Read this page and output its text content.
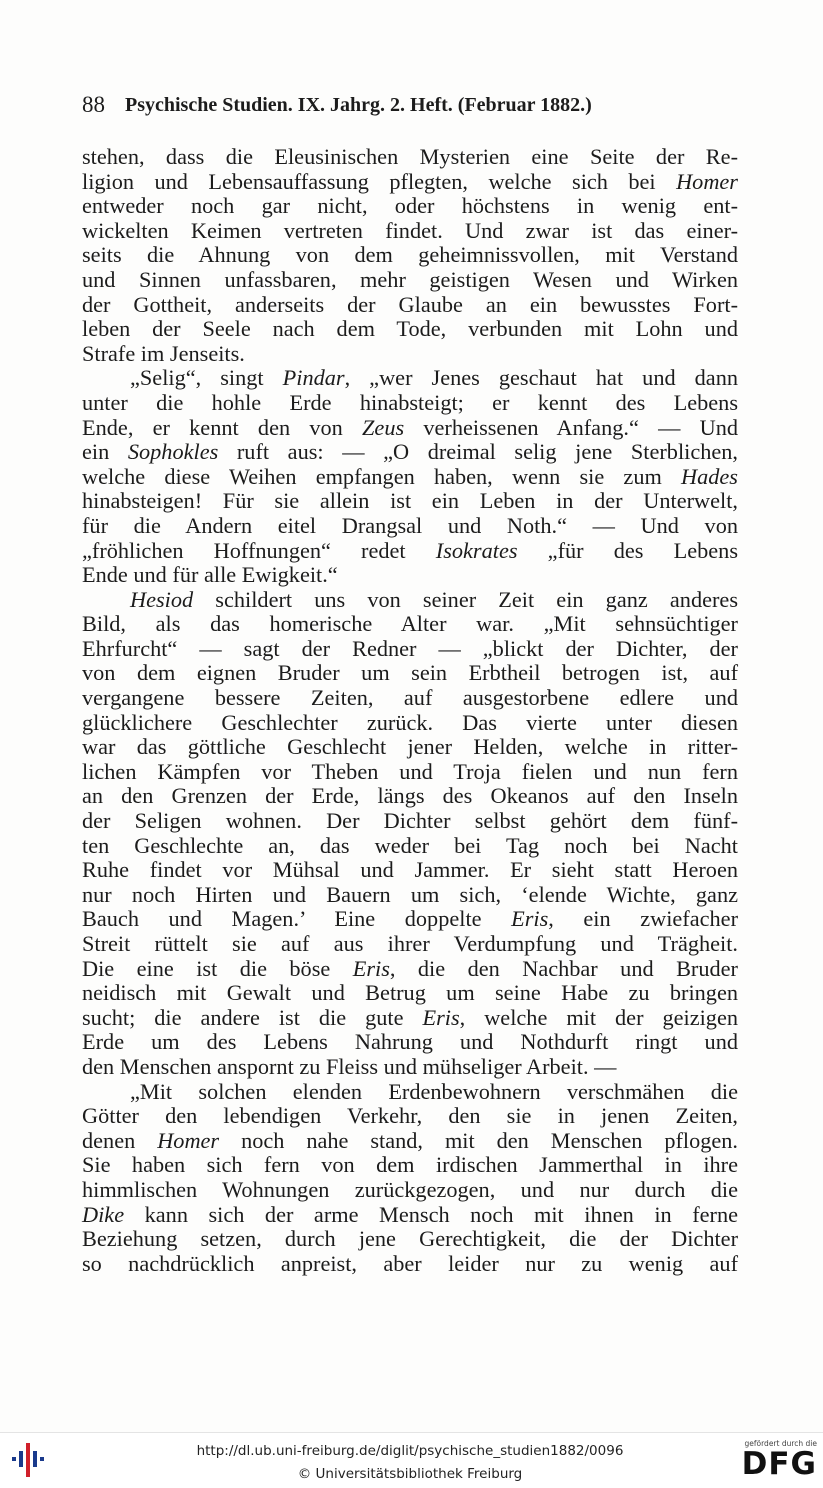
88 Psychische Studien. IX. Jahrg. 2. Heft. (Februar 1882.)
stehen, dass die Eleusinischen Mysterien eine Seite der Re-
ligion und Lebensauffassung pflegten, welche sich bei Homer
entweder noch gar nicht, oder höchstens in wenig ent-
wickelten Keimen vertreten findet. Und zwar ist das einer-
seits die Ahnung von dem geheimnissvollen, mit Verstand
und Sinnen unfassbaren, mehr geistigen Wesen und Wirken
der Gottheit, anderseits der Glaube an ein bewusstes Fort-
leben der Seele nach dem Tode, verbunden mit Lohn und
Strafe im Jenseits.
„Selig“, singt Pindar, „wer Jenes geschaut hat und dann
unter die hohle Erde hinabsteigt; er kennt des Lebens
Ende, er kennt den von Zeus verheissenen Anfang.“ — Und
ein Sophokles ruft aus: — „O dreimal selig jene Sterblichen,
welche diese Weihen empfangen haben, wenn sie zum Hades
hinabsteigen! Für sie allein ist ein Leben in der Unterwelt,
für die Andern eitel Drangsal und Noth.“ — Und von
„fröhlichen Hoffnungen“ redet Isokrates „für des Lebens
Ende und für alle Ewigkeit.“
Hesiod schildert uns von seiner Zeit ein ganz anderes
Bild, als das homerische Alter war. „Mit sehnsüchtiger
Ehrfurcht“ — sagt der Redner — „blickt der Dichter, der
von dem eignen Bruder um sein Erbtheil betrogen ist, auf
vergangene bessere Zeiten, auf ausgestorbene edlere und
glücklichere Geschlechter zurück. Das vierte unter diesen
war das göttliche Geschlecht jener Helden, welche in ritter-
lichen Kämpfen vor Theben und Troja fielen und nun fern
an den Grenzen der Erde, längs des Okeanos auf den Inseln
der Seligen wohnen. Der Dichter selbst gehört dem fünf-
ten Geschlechte an, das weder bei Tag noch bei Nacht
Ruhe findet vor Mühsal und Jammer. Er sieht statt Heroen
nur noch Hirten und Bauern um sich, ‘elende Wichte, ganz
Bauch und Magen.’ Eine doppelte Eris, ein zwiefacher
Streit rüttelt sie auf aus ihrer Verdumpfung und Trägheit.
Die eine ist die böse Eris, die den Nachbar und Bruder
neidisch mit Gewalt und Betrug um seine Habe zu bringen
sucht; die andere ist die gute Eris, welche mit der geizigen
Erde um des Lebens Nahrung und Nothdurft ringt und
den Menschen anspornt zu Fleiss und mühseliger Arbeit. —
„Mit solchen elenden Erdenbewohnern verschmähen die
Götter den lebendigen Verkehr, den sie in jenen Zeiten,
denen Homer noch nahe stand, mit den Menschen pflogen.
Sie haben sich fern von dem irdischen Jammerthal in ihre
himmlischen Wohnungen zurückgezogen, und nur durch die
Dike kann sich der arme Mensch noch mit ihnen in ferne
Beziehung setzen, durch jene Gerechtigkeit, die der Dichter
so nachdrücklich anpreist, aber leider nur zu wenig auf
http://dl.ub.uni-freiburg.de/diglit/psychische_studien1882/0096
© Universitätsbibliothek Freiburg
gefördert durch die
DFG
